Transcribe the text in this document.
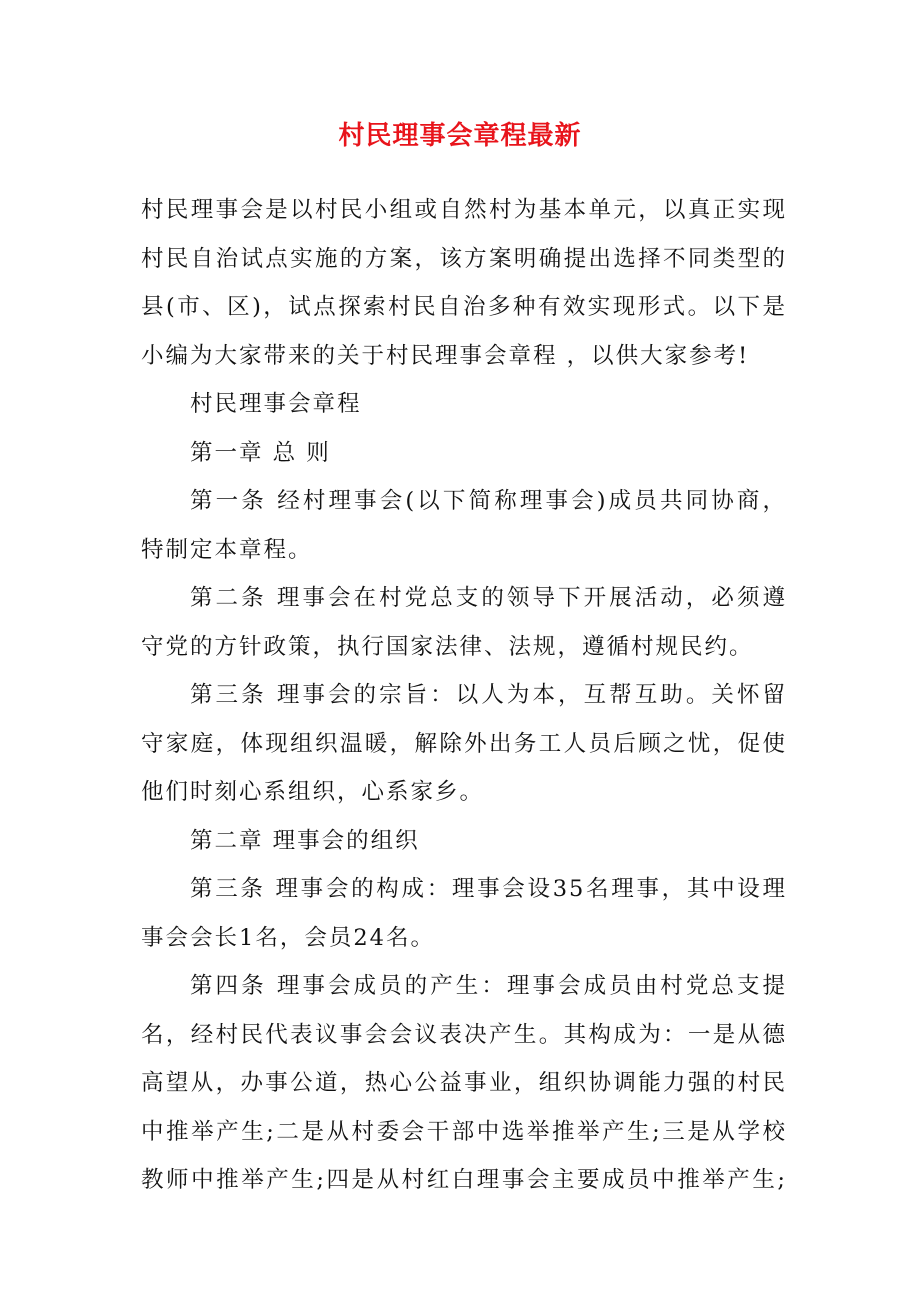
村民理事会章程最新

村民理事会是以村民小组或自然村为基本单元，以真正实现
村民自治试点实施的方案，该方案明确提出选择不同类型的
县(市、区)，试点探索村民自治多种有效实现形式。以下是
小编为大家带来的关于村民理事会章程 ，以供大家参考!

村民理事会章程

第一章 总 则

第一条 经村理事会(以下简称理事会)成员共同协商，
特制定本章程。

第二条 理事会在村党总支的领导下开展活动，必须遵
守党的方针政策，执行国家法律、法规，遵循村规民约。

第三条 理事会的宗旨：以人为本，互帮互助。关怀留
守家庭，体现组织温暖，解除外出务工人员后顾之忧，促使
他们时刻心系组织，心系家乡。

第二章 理事会的组织

第三条 理事会的构成：理事会设35名理事，其中设理
事会会长1名，会员24名。

第四条 理事会成员的产生：理事会成员由村党总支提
名，经村民代表议事会会议表决产生。其构成为：一是从德
高望从，办事公道，热心公益事业，组织协调能力强的村民
中推举产生;二是从村委会干部中选举推举产生;三是从学校
教师中推举产生;四是从村红白理事会主要成员中推举产生;
